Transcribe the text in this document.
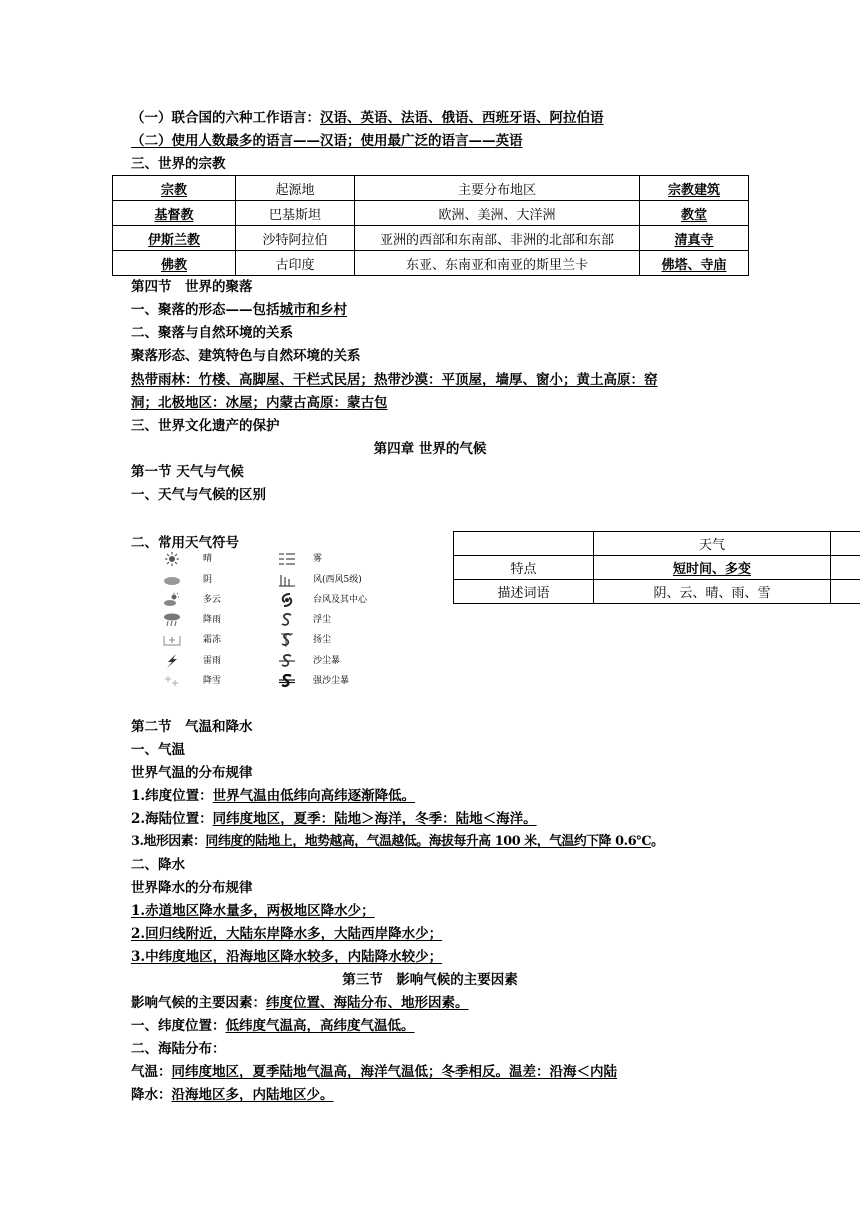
（一）联合国的六种工作语言：汉语、英语、法语、俄语、西班牙语、阿拉伯语
（二）使用人数最多的语言——汉语；使用最广泛的语言——英语
三、世界的宗教
宗教	起源地	主要分布地区	宗教建筑
基督教	巴基斯坦	欧洲、美洲、大洋洲	教堂
伊斯兰教	沙特阿拉伯	亚洲的西部和东南部、非洲的北部和东部	清真寺
佛教	古印度	东亚、东南亚和南亚的斯里兰卡	佛塔、寺庙
第四节　世界的聚落
一、聚落的形态——包括城市和乡村
二、聚落与自然环境的关系
聚落形态、建筑特色与自然环境的关系
热带雨林：竹楼、高脚屋、干栏式民居；热带沙漠：平顶屋，墙厚、窗小；黄土高原：窑
洞；北极地区：冰屋；内蒙古高原：蒙古包
三、世界文化遗产的保护
第四章 世界的气候
第一节 天气与气候
一、天气与气候的区别
二、常用天气符号
		天气	
特点	短时间、多变	
描述词语	阴、云、晴、雨、雪	
晴
阴
多云
降雨
霜冻
雷雨
降雪
雾
风(西风5级)
台风及其中心
浮尘
扬尘
沙尘暴
强沙尘暴
第二节　气温和降水
一、气温
世界气温的分布规律
1.纬度位置：世界气温由低纬向高纬逐渐降低。
2.海陆位置：同纬度地区，夏季：陆地＞海洋，冬季：陆地＜海洋。
3.地形因素：同纬度的陆地上，地势越高，气温越低。海拔每升高 100 米，气温约下降 0.6℃。
二、降水
世界降水的分布规律
1.赤道地区降水量多，两极地区降水少；
2.回归线附近，大陆东岸降水多，大陆西岸降水少；
3.中纬度地区，沿海地区降水较多，内陆降水较少；
第三节　影响气候的主要因素
影响气候的主要因素：纬度位置、海陆分布、地形因素。
一、纬度位置：低纬度气温高，高纬度气温低。
二、海陆分布：
气温：同纬度地区，夏季陆地气温高，海洋气温低；冬季相反。温差：沿海＜内陆
降水：沿海地区多，内陆地区少。
